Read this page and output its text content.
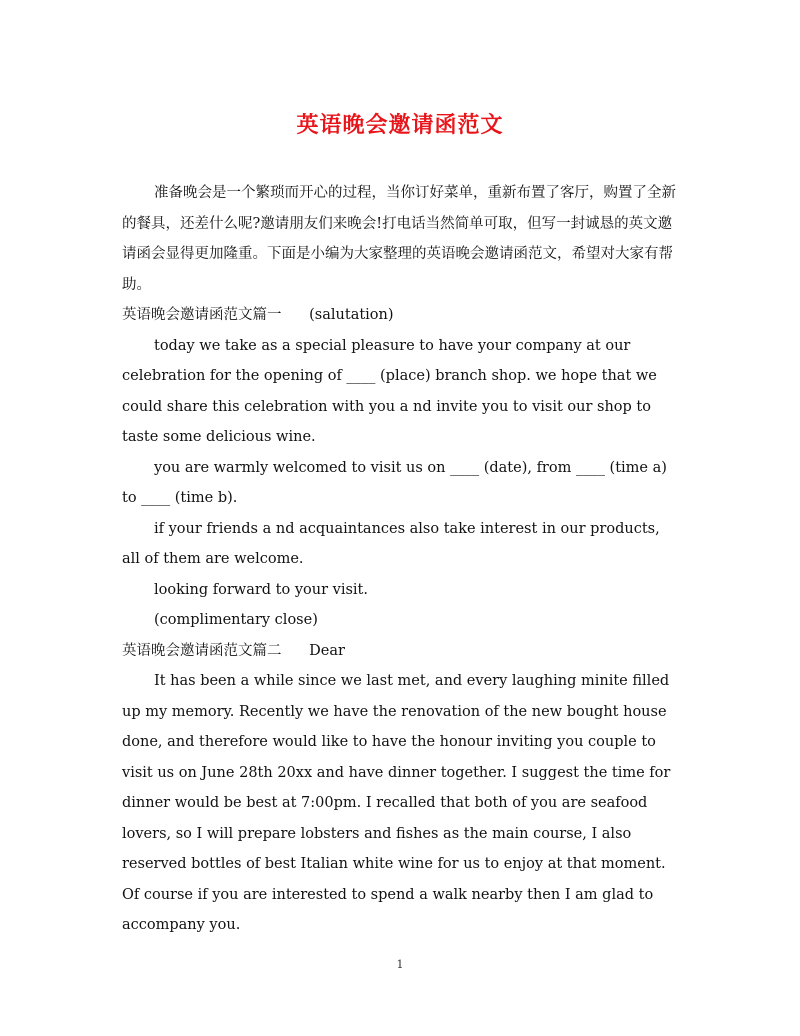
英语晚会邀请函范文

准备晚会是一个繁琐而开心的过程，当你订好菜单，重新布置了客厅，购置了全新的餐具，还差什么呢?邀请朋友们来晚会!打电话当然简单可取，但写一封诚恳的英文邀请函会显得更加隆重。下面是小编为大家整理的英语晚会邀请函范文，希望对大家有帮助。

英语晚会邀请函范文篇一      (salutation)

today we take as a special pleasure to have your company at our celebration for the opening of ____ (place) branch shop. we hope that we could share this celebration with you a nd invite you to visit our shop to taste some delicious wine.

you are warmly welcomed to visit us on ____ (date), from ____ (time a) to ____ (time b).

if your friends a nd acquaintances also take interest in our products, all of them are welcome.

looking forward to your visit.

(complimentary close)

英语晚会邀请函范文篇二      Dear

It has been a while since we last met, and every laughing minite filled up my memory. Recently we have the renovation of the new bought house done, and therefore would like to have the honour inviting you couple to visit us on June 28th 20xx and have dinner together. I suggest the time for dinner would be best at 7:00pm. I recalled that both of you are seafood lovers, so I will prepare lobsters and fishes as the main course, I also reserved bottles of best Italian white wine for us to enjoy at that moment. Of course if you are interested to spend a walk nearby then I am glad to accompany you.

1
